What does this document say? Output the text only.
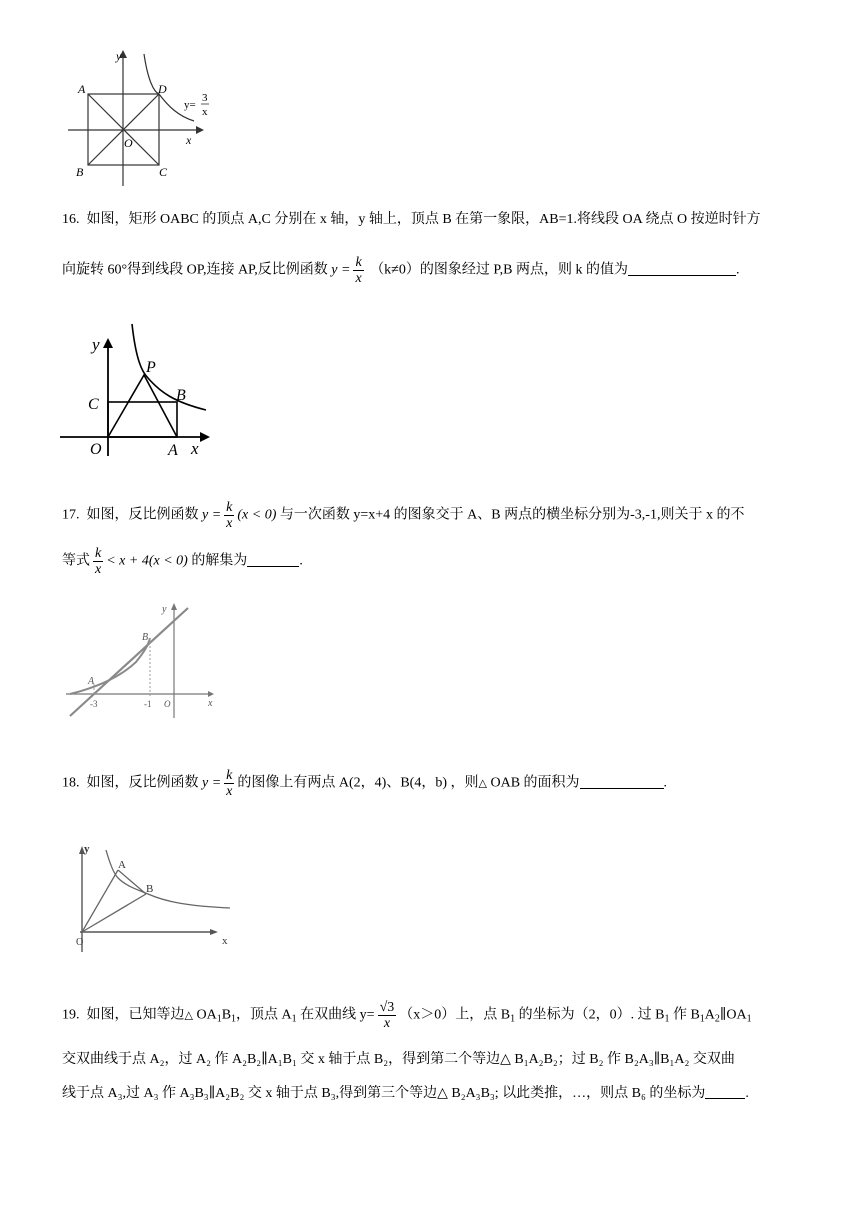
y
x
A	D
O
B	C
y=
3
x
16. 如图，矩形 OABC 的顶点 A,C 分别在 x 轴，y 轴上，顶点 B 在第一象限，AB=1.将线段 OA 绕点 O 按逆时针方
向旋转 60°得到线段 OP,连接 AP,反比例函数 $y = \frac{k}{x} (k\ne 0)$的图象经过 P,B 两点，则 k 的值为	.
y
x
P
B
C
O	A
17. 如图，反比例函数 $y = \frac{k}{x} (x < 0)$ 与一次函数 y=x+4 的图象交于 A、B 两点的横坐标分别为-3,-1,则关于 x 的不
等式 $\frac{k}{x} < x + 4(x < 0)$ 的解集为	.
y
x
A
B
-3	-1 O
18. 如图，反比例函数 $y = \frac{k}{x}$ 的图像上有两点 A(2，4)、B(4，b) ，则△ OAB 的面积为	.
y
x
A
B
O
19. 如图，已知等边△ $OA_1B_1$，顶点 $A_1$ 在双曲线 $y= \frac{√3}{x} (x>0)$上，点 $B_1$ 的坐标为（2，0）. 过 $B_1$ 作 $B_1A_2\parallel OA_1$
交双曲线于点 A₂，过 A₂ 作 A₂B₂∥A₁B₁ 交 x 轴于点 B₂，得到第二个等边△ B₁A₂B₂；过 B₂ 作 B₂A₃∥B₁A₂ 交双曲
线于点 A₃,过 A₃ 作 A₃B₃∥A₂B₂ 交 x 轴于点 B₃,得到第三个等边△ B₂A₃B₃; 以此类推，…，则点 B₆ 的坐标为	.
